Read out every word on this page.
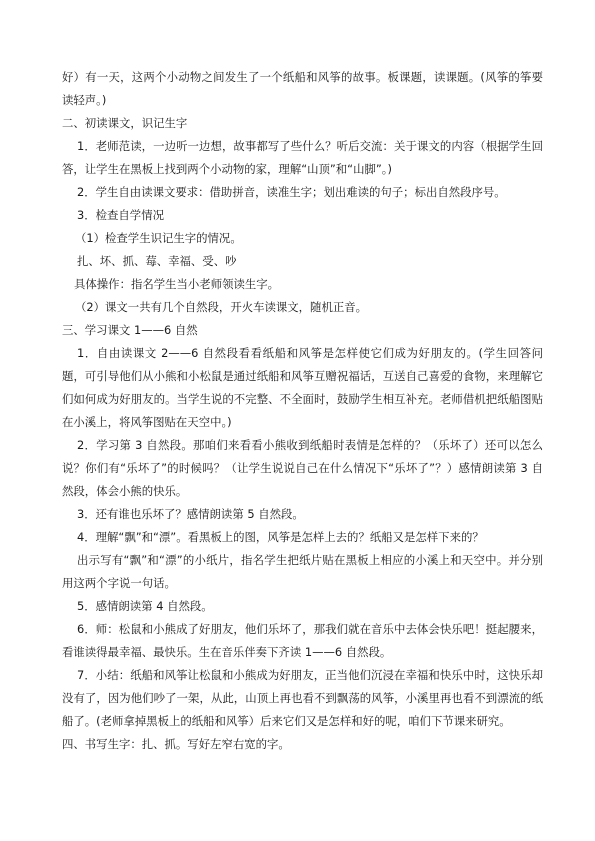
好）有一天，这两个小动物之间发生了一个纸船和风筝的故事。板课题，读课题。(风筝的筝要读轻声。)

二、初读课文，识记生字

1．老师范读，一边听一边想，故事都写了些什么？听后交流：关于课文的内容（根据学生回答，让学生在黑板上找到两个小动物的家，理解“山顶”和“山脚”。)

2．学生自由读课文要求：借助拼音，读准生字；划出难读的句子；标出自然段序号。

3．检查自学情况

（1）检查学生识记生字的情况。

扎、坏、抓、莓、幸福、受、吵

具体操作：指名学生当小老师领读生字。

（2）课文一共有几个自然段，开火车读课文，随机正音。

三、学习课文 1——6 自然

1．自由读课文 2——6 自然段看看纸船和风筝是怎样使它们成为好朋友的。(学生回答问题，可引导他们从小熊和小松鼠是通过纸船和风筝互赠祝福话，互送自己喜爱的食物，来理解它们如何成为好朋友的。当学生说的不完整、不全面时，鼓励学生相互补充。老师借机把纸船图贴在小溪上，将风筝图贴在天空中。)

2．学习第 3 自然段。那咱们来看看小熊收到纸船时表情是怎样的？（乐坏了）还可以怎么说？你们有“乐坏了”的时候吗？（让学生说说自己在什么情况下“乐坏了”？）感情朗读第 3 自然段，体会小熊的快乐。

3．还有谁也乐坏了？感情朗读第 5 自然段。

4．理解“飘”和“漂”。看黑板上的图，风筝是怎样上去的？纸船又是怎样下来的？

出示写有“飘”和“漂”的小纸片，指名学生把纸片贴在黑板上相应的小溪上和天空中。并分别用这两个字说一句话。

5．感情朗读第 4 自然段。

6．师：松鼠和小熊成了好朋友，他们乐坏了，那我们就在音乐中去体会快乐吧！挺起腰来，看谁读得最幸福、最快乐。生在音乐伴奏下齐读 1——6 自然段。

7．小结：纸船和风筝让松鼠和小熊成为好朋友，正当他们沉浸在幸福和快乐中时，这快乐却没有了，因为他们吵了一架，从此，山顶上再也看不到飘荡的风筝，小溪里再也看不到漂流的纸船了。(老师拿掉黑板上的纸船和风筝）后来它们又是怎样和好的呢，咱们下节课来研究。

四、书写生字：扎、抓。写好左窄右宽的字。
